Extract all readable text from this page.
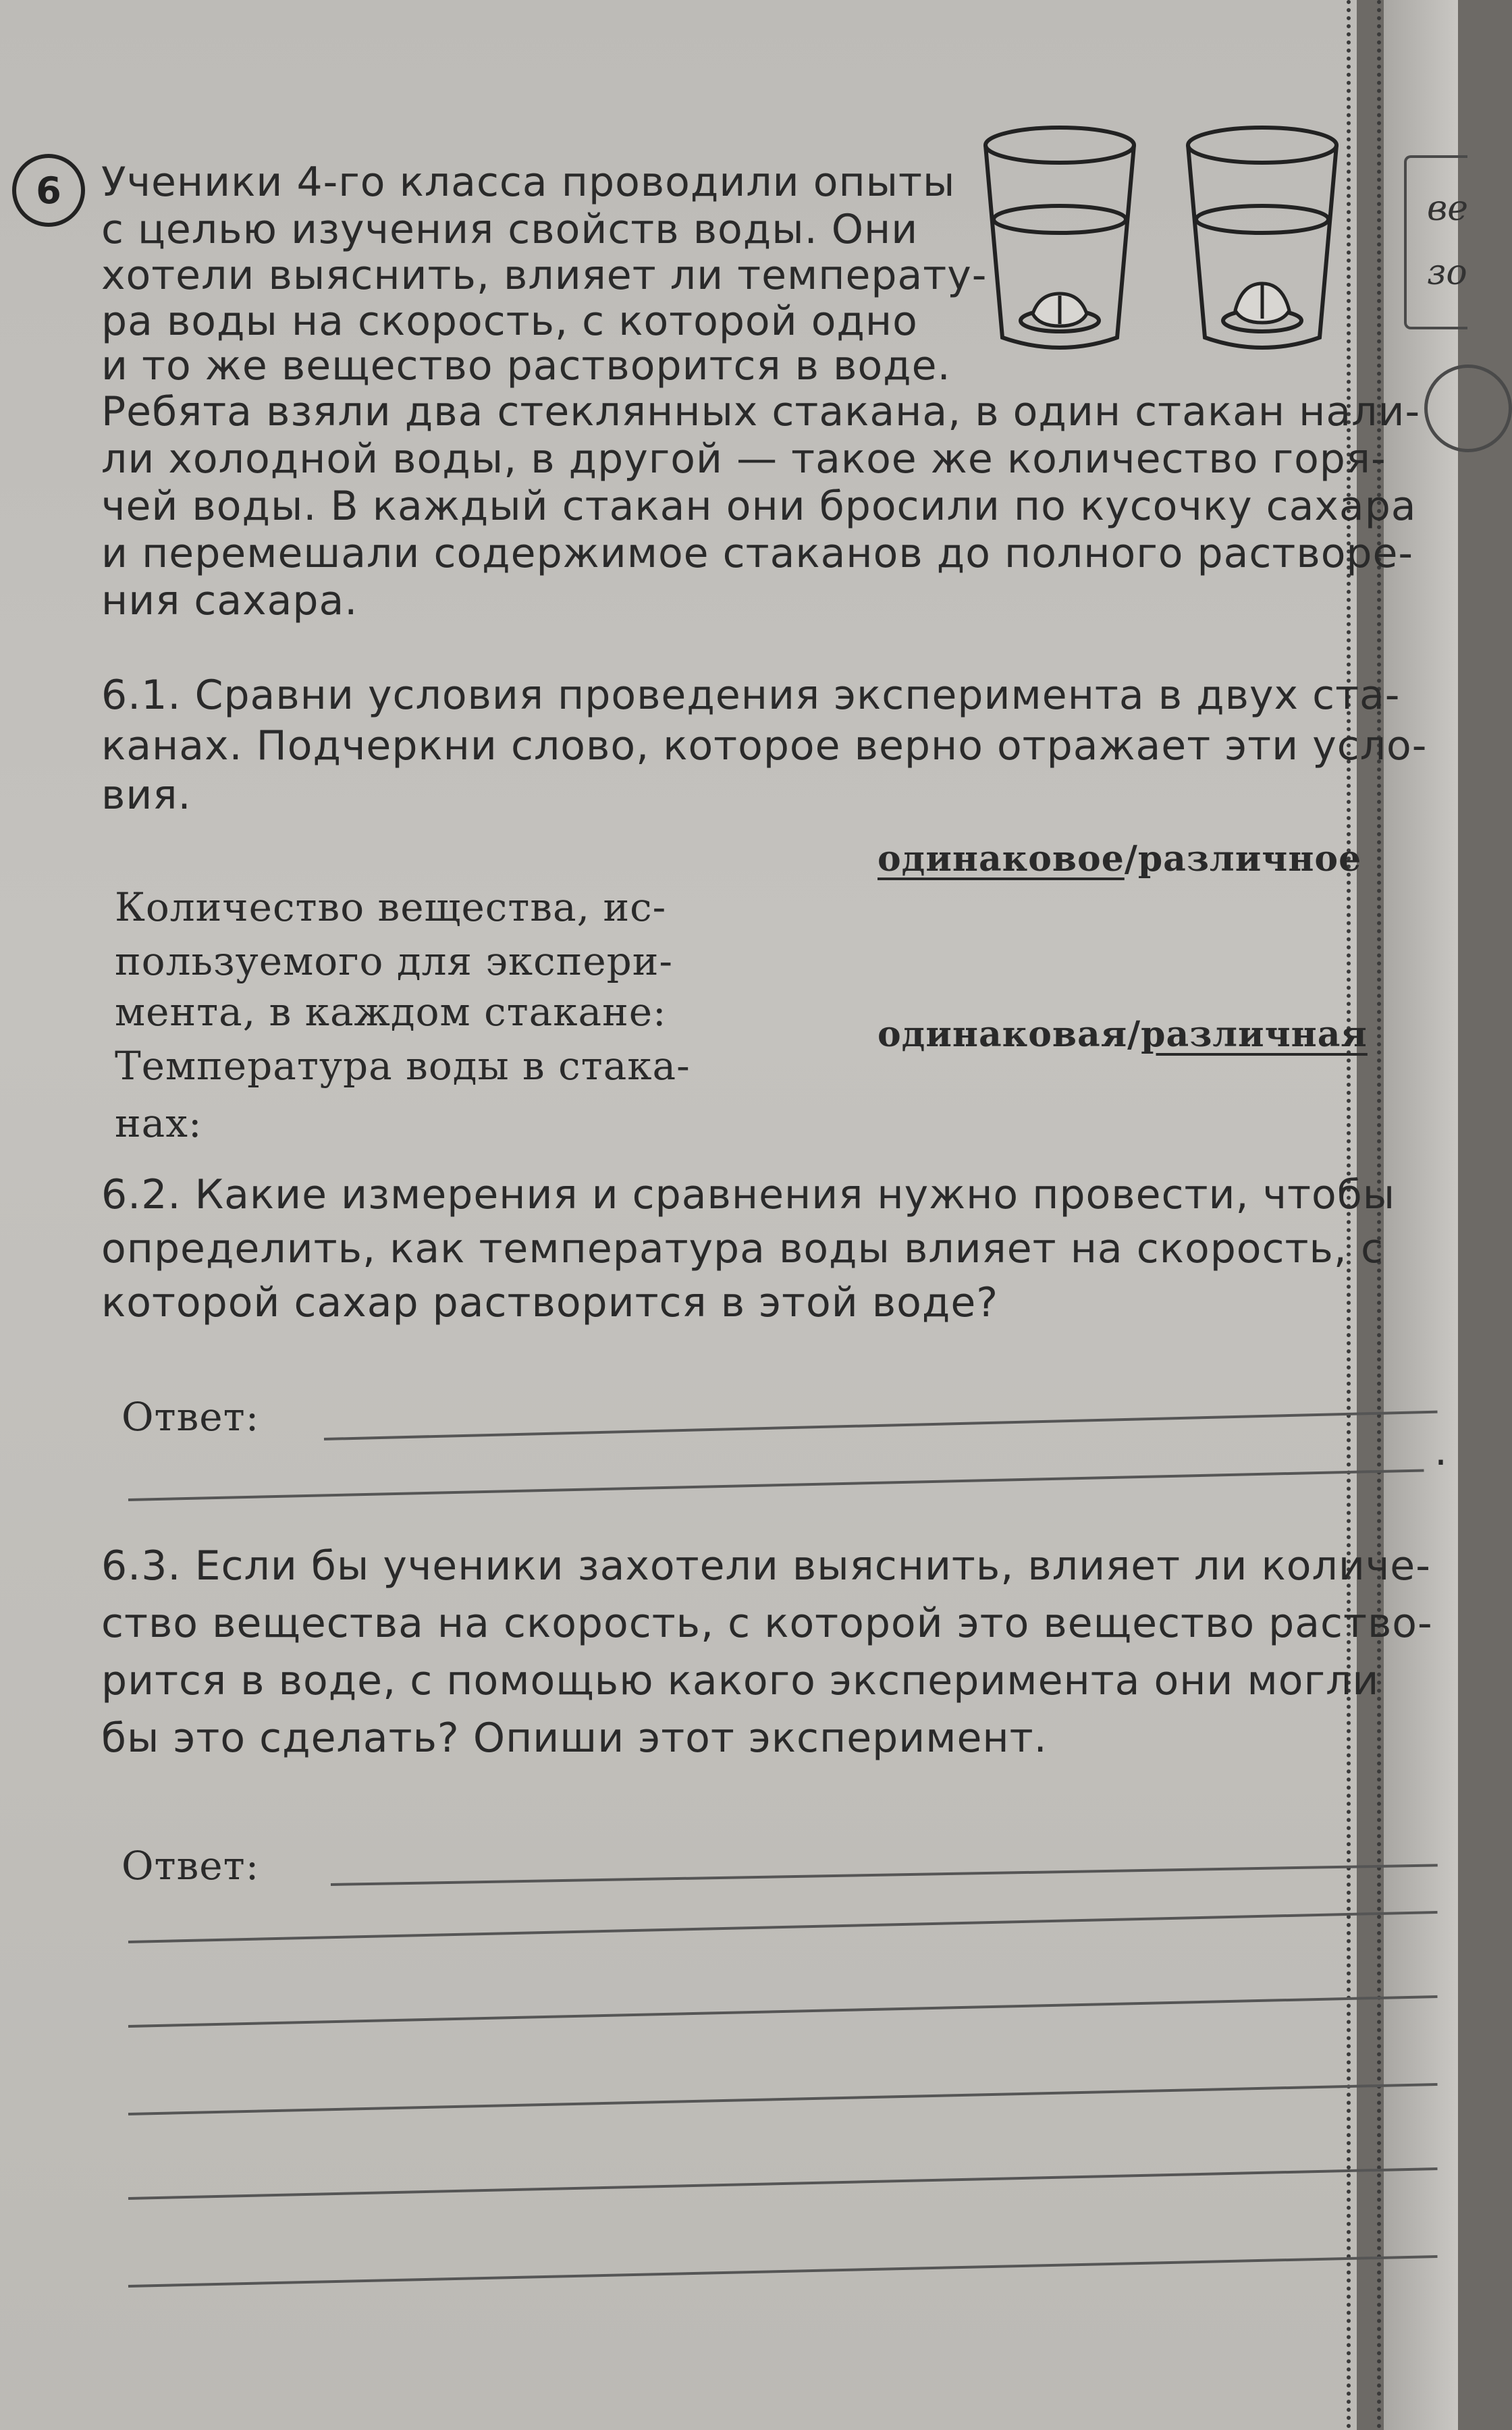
ве
зо
6 Ученики 4-го класса проводили опыты
с целью изучения свойств воды. Они
хотели выяснить, влияет ли температу-
ра воды на скорость, с которой одно
и то же вещество растворится в воде.
Ребята взяли два стеклянных стакана, в один стакан нали-
ли холодной воды, в другой — такое же количество горя-
чей воды. В каждый стакан они бросили по кусочку сахара
и перемешали содержимое стаканов до полного растворе-
ния сахара.
6.1. Сравни условия проведения эксперимента в двух ста-
канах. Подчеркни слово, которое верно отражает эти усло-
вия.
Количество вещества, ис-
пользуемого для экспери-
мента, в каждом стакане:
одинаковое/различное
Температура воды в стака-
нах:
одинаковая/различная
6.2. Какие измерения и сравнения нужно провести, чтобы
определить, как температура воды влияет на скорость, с
которой сахар растворится в этой воде?
Ответ:
.
6.3. Если бы ученики захотели выяснить, влияет ли количе-
ство вещества на скорость, с которой это вещество раство-
рится в воде, с помощью какого эксперимента они могли
бы это сделать? Опиши этот эксперимент.
Ответ:
